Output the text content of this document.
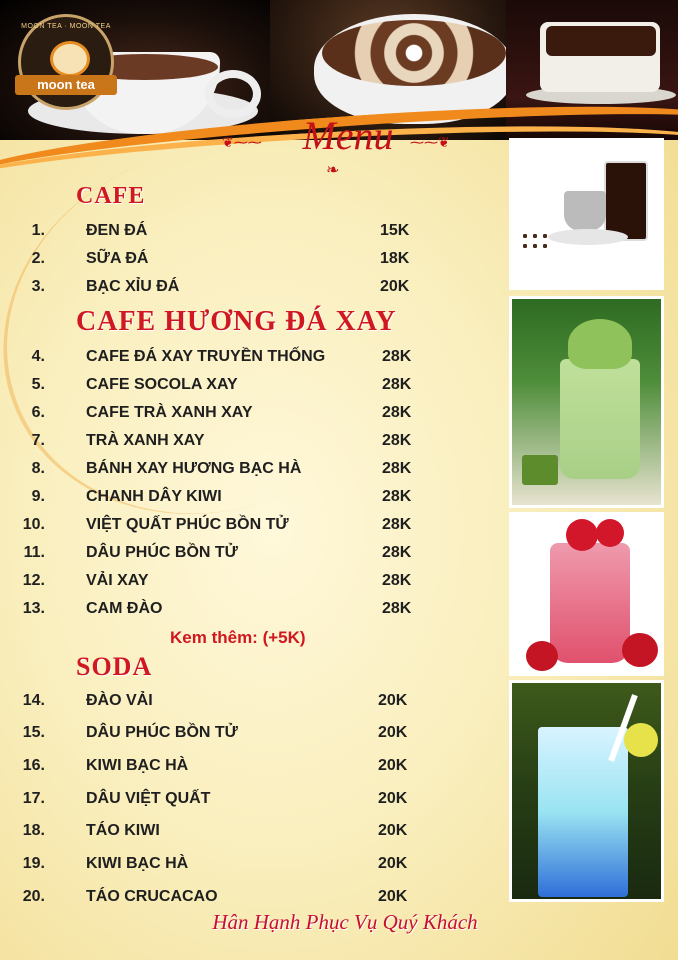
MOON TEA · MOON TEA
moon tea
❦⁓⁓	Menu	⁓⁓❦
❧
CAFE
CAFE HƯƠNG ĐÁ XAY
SODA
1.	ĐEN ĐÁ	15K
2.	SỮA ĐÁ	18K
3.	BẠC XỈU ĐÁ	20K
4.	CAFE ĐÁ XAY TRUYỀN THỐNG	28K
5.	CAFE SOCOLA XAY	28K
6.	CAFE TRÀ XANH XAY	28K
7.	TRÀ XANH XAY	28K
8.	BÁNH XAY HƯƠNG BẠC HÀ	28K
9.	CHANH DÂY KIWI	28K
10.	VIỆT QUẤT PHÚC BỒN TỬ	28K
11.	DÂU PHÚC BỒN TỬ	28K
12.	VẢI XAY	28K
13.	CAM ĐÀO	28K
14.	ĐÀO VẢI	20K
15.	DÂU PHÚC BỒN TỬ	20K
16.	KIWI BẠC HÀ	20K
17.	DÂU VIỆT QUẤT	20K
18.	TÁO KIWI	20K
19.	KIWI BẠC HÀ	20K
20.	TÁO CRUCACAO	20K
Kem thêm: (+5K)
Hân Hạnh Phục Vụ Quý Khách
